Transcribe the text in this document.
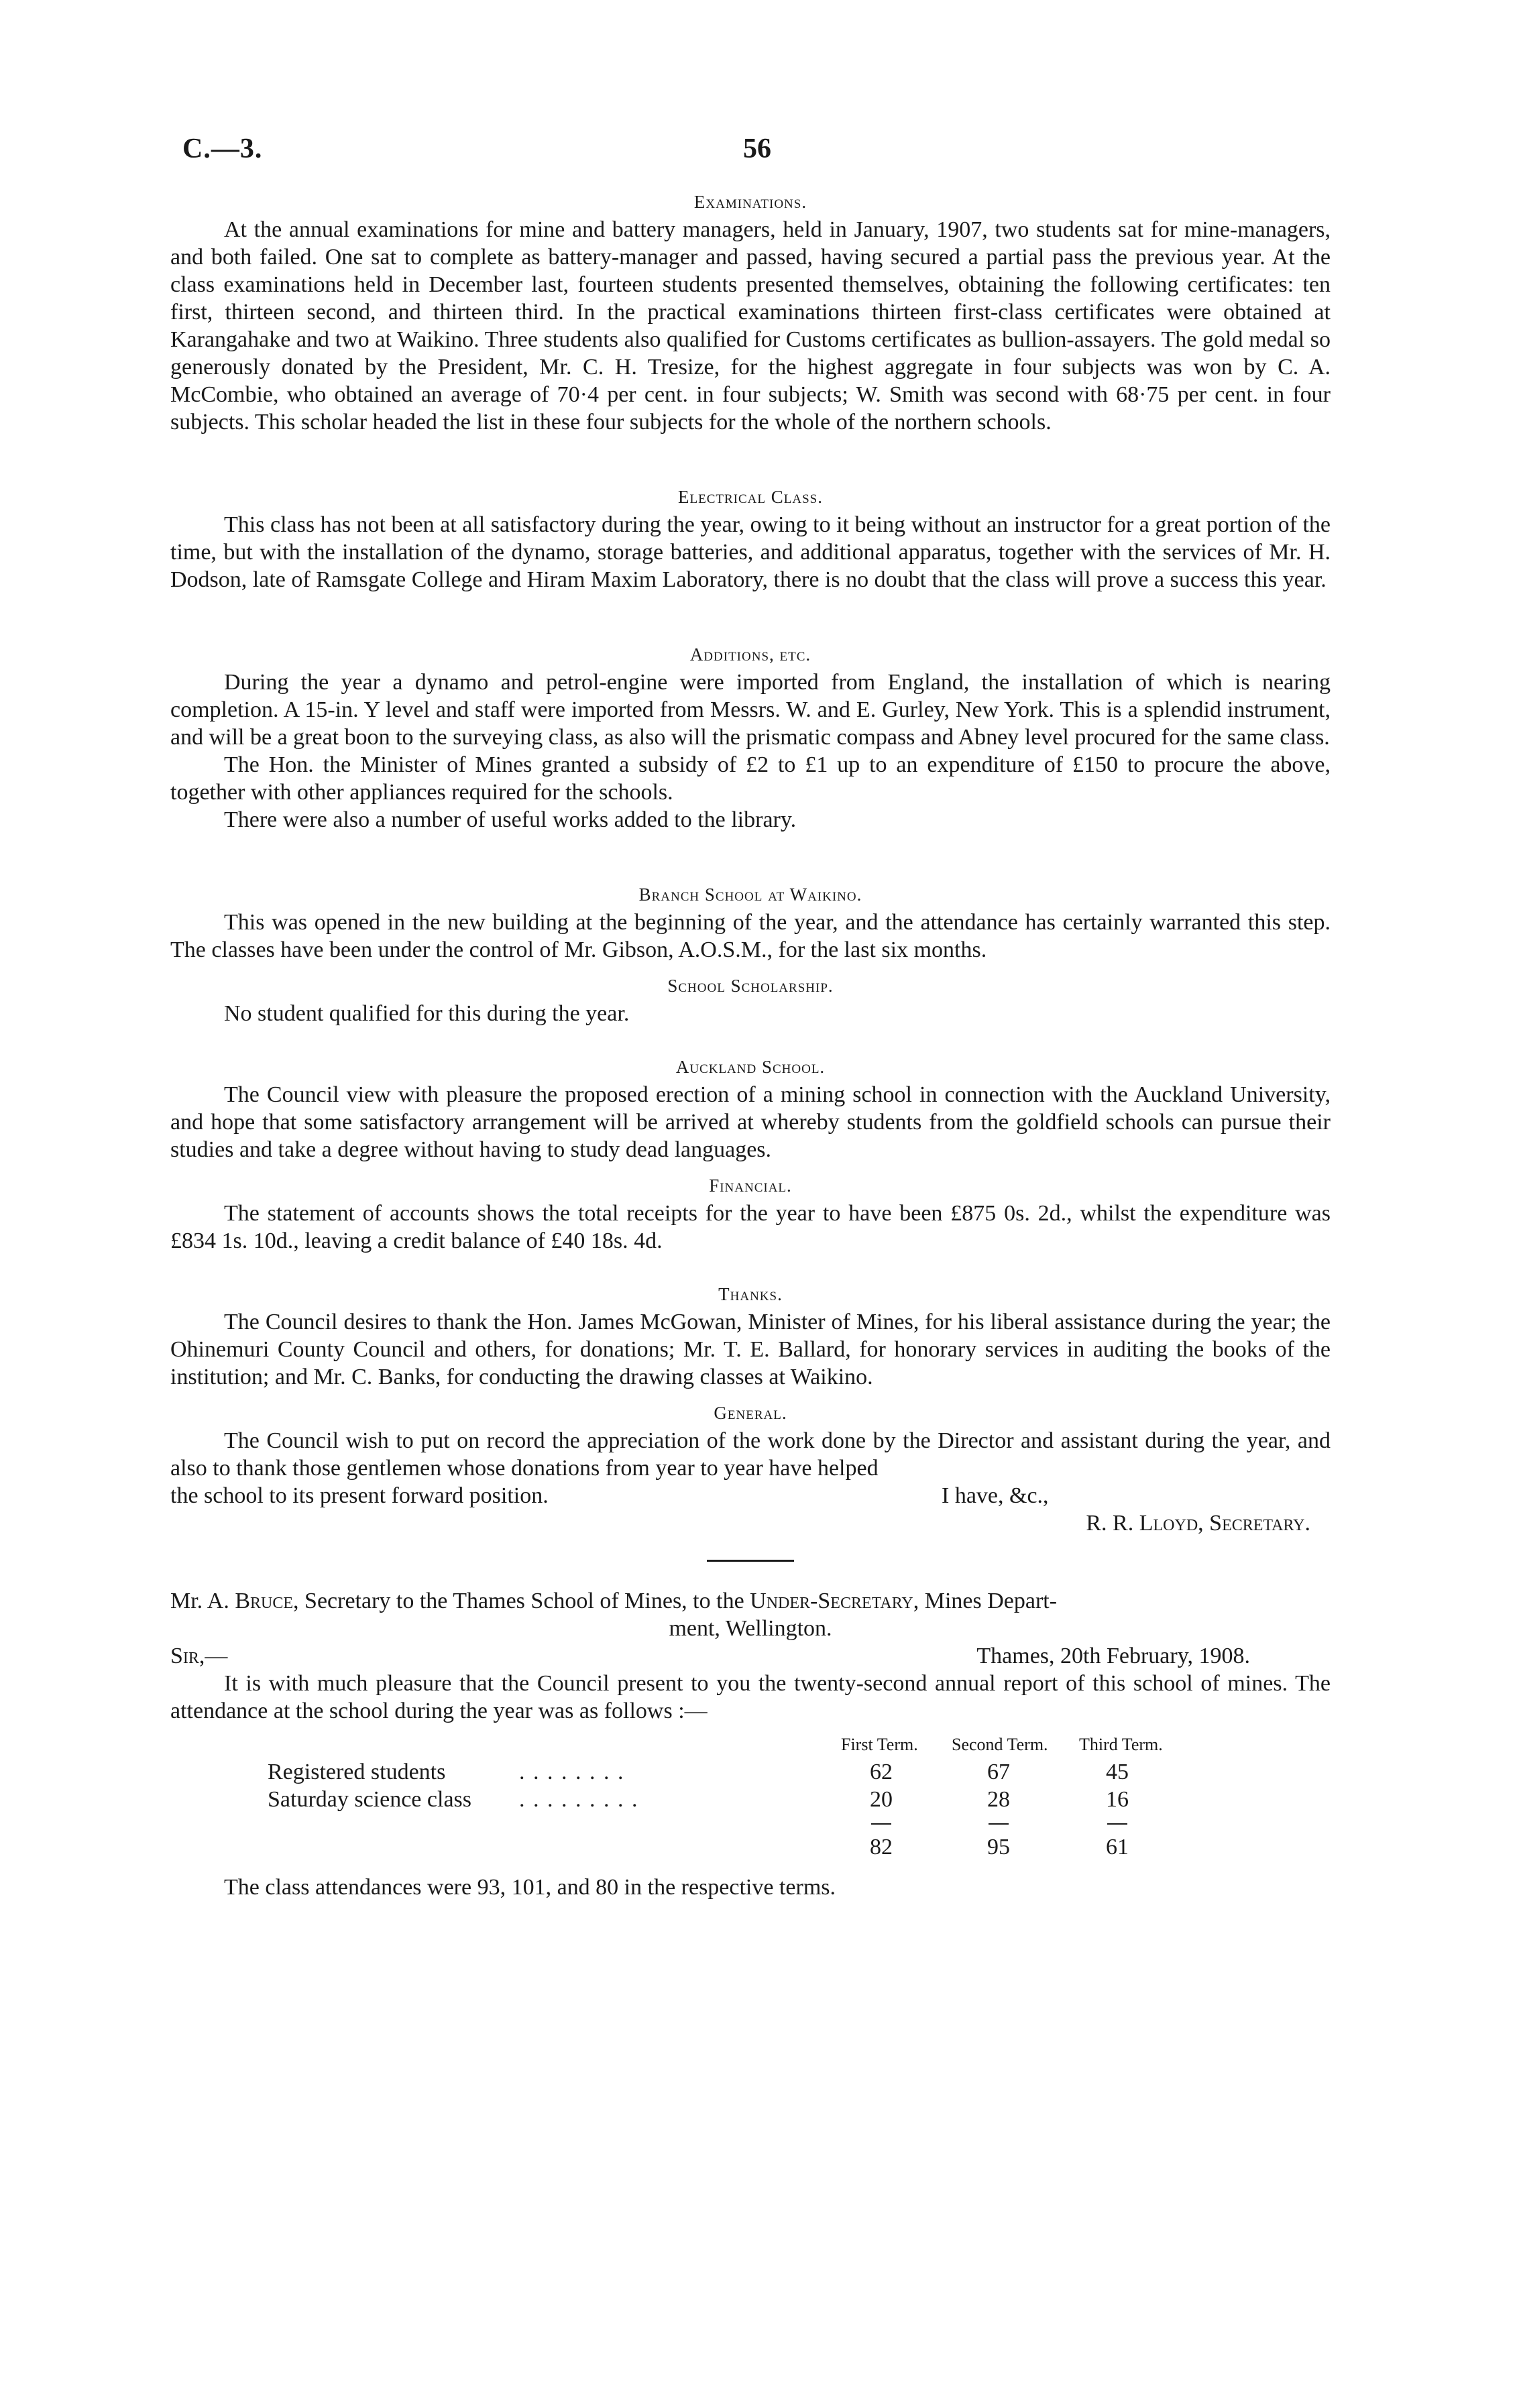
C.—3.	56

Examinations.

At the annual examinations for mine and battery managers, held in January, 1907, two students sat for mine-managers, and both failed. One sat to complete as battery-manager and passed, having secured a partial pass the previous year. At the class examinations held in December last, fourteen students presented themselves, obtaining the following certificates: ten first, thirteen second, and thirteen third. In the practical examinations thirteen first-class certificates were obtained at Karangahake and two at Waikino. Three students also qualified for Customs certificates as bullion-assayers. The gold medal so generously donated by the President, Mr. C. H. Tresize, for the highest aggregate in four subjects was won by C. A. McCombie, who obtained an average of 70·4 per cent. in four subjects; W. Smith was second with 68·75 per cent. in four subjects. This scholar headed the list in these four subjects for the whole of the northern schools.

Electrical Class.

This class has not been at all satisfactory during the year, owing to it being without an instructor for a great portion of the time, but with the installation of the dynamo, storage batteries, and additional apparatus, together with the services of Mr. H. Dodson, late of Ramsgate College and Hiram Maxim Laboratory, there is no doubt that the class will prove a success this year.

Additions, etc.

During the year a dynamo and petrol-engine were imported from England, the installation of which is nearing completion. A 15-in. Y level and staff were imported from Messrs. W. and E. Gurley, New York. This is a splendid instrument, and will be a great boon to the surveying class, as also will the prismatic compass and Abney level procured for the same class.

The Hon. the Minister of Mines granted a subsidy of £2 to £1 up to an expenditure of £150 to procure the above, together with other appliances required for the schools.

There were also a number of useful works added to the library.

Branch School at Waikino.

This was opened in the new building at the beginning of the year, and the attendance has certainly warranted this step. The classes have been under the control of Mr. Gibson, A.O.S.M., for the last six months.

School Scholarship.

No student qualified for this during the year.

Auckland School.

The Council view with pleasure the proposed erection of a mining school in connection with the Auckland University, and hope that some satisfactory arrangement will be arrived at whereby students from the goldfield schools can pursue their studies and take a degree without having to study dead languages.

Financial.

The statement of accounts shows the total receipts for the year to have been £875 0s. 2d., whilst the expenditure was £834 1s. 10d., leaving a credit balance of £40 18s. 4d.

Thanks.

The Council desires to thank the Hon. James McGowan, Minister of Mines, for his liberal assistance during the year; the Ohinemuri County Council and others, for donations; Mr. T. E. Ballard, for honorary services in auditing the books of the institution; and Mr. C. Banks, for conducting the drawing classes at Waikino.

General.

The Council wish to put on record the appreciation of the work done by the Director and assistant during the year, and also to thank those gentlemen whose donations from year to year have helped

the school to its present forward position.	I have, &c.,
R. R. Lloyd, Secretary.

Mr. A. Bruce, Secretary to the Thames School of Mines, to the Under-Secretary, Mines Depart-
ment, Wellington.

Sir,—	Thames, 20th February, 1908.

It is with much pleasure that the Council present to you the twenty-second annual report of this school of mines. The attendance at the school during the year was as follows :—

First Term. Second Term. Third Term.
Registered students	. . . . . . . .	62	67	45
Saturday science class . . . . . . . . .	20	28	16
82	95	61

The class attendances were 93, 101, and 80 in the respective terms.
